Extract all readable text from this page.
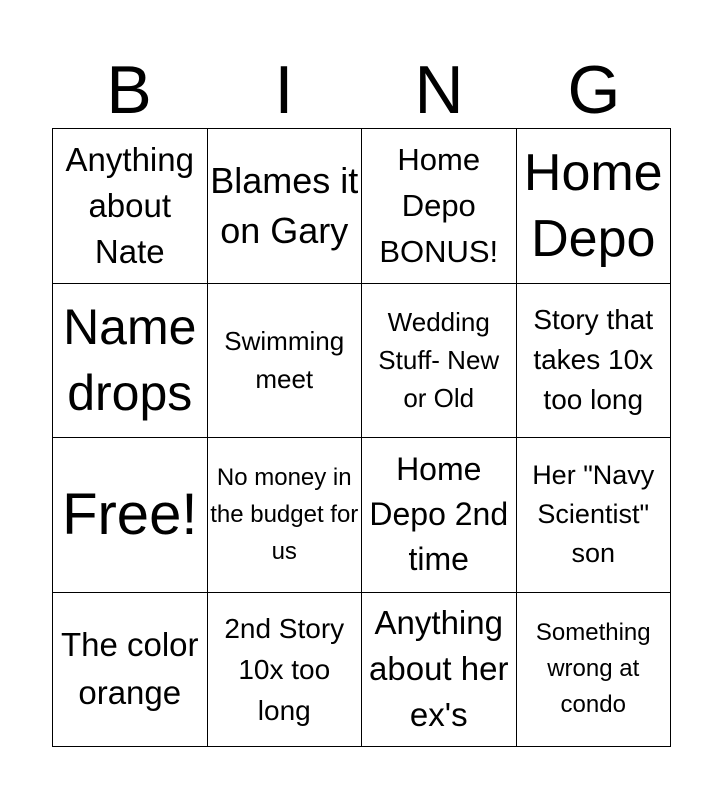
B	I	N	G
Anything about Nate	Blames it on Gary	Home Depo BONUS!	Home Depo

Name drops	Swimming meet	Wedding Stuff- New or Old	Story that takes 10x too long

Free!	No money in the budget for us	Home Depo 2nd time	Her "Navy Scientist" son

The color orange	2nd Story 10x too long	Anything about her ex's	Something wrong at condo
